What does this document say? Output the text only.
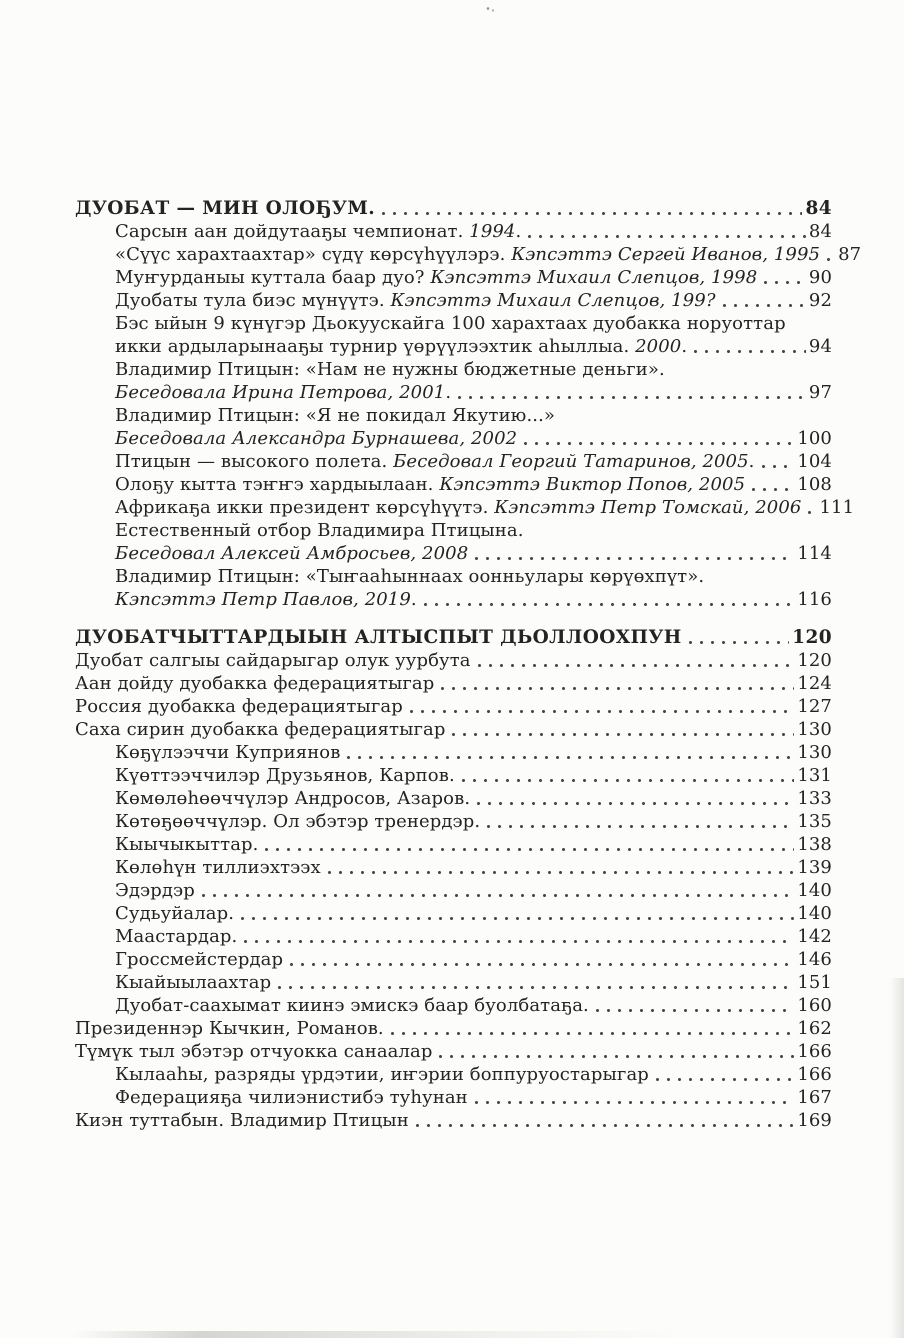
ДУОБАТ — МИН ОЛОҔУМ.	84
Сарсын аан дойдутааҕы чемпионат. 1994.	84
«Сүүс харахтаахтар» сүдү көрсүһүүлэрэ. Кэпсэттэ Сергей Иванов, 1995 87
Муҥурданыы куттала баар дуо? Кэпсэттэ Михаил Слепцов, 1998	90
Дуобаты тула биэс мүнүүтэ. Кэпсэттэ Михаил Слепцов, 199?	92
Бэс ыйын 9 күнүгэр Дьокуускайга 100 харахтаах дуобакка норуоттар
икки ардыларынааҕы турнир үөрүүлээхтик аһыллыа. 2000.	94
Владимир Птицын: «Нам не нужны бюджетные деньги».
Беседовала Ирина Петрова, 2001.	97
Владимир Птицын: «Я не покидал Якутию...»
Беседовала Александра Бурнашева, 2002	100
Птицын — высокого полета. Беседовал Георгий Татаринов, 2005. 104
Олоҕу кытта тэҥҥэ хардыылаан. Кэпсэттэ Виктор Попов, 2005	108
Африкаҕа икки президент көрсүһүүтэ. Кэпсэттэ Петр Томскай, 2006 111
Естественный отбор Владимира Птицына.
Беседовал Алексей Амбросьев, 2008	114
Владимир Птицын: «Тыҥааһыннаах оонньулары көрүөхпүт».
Кэпсэттэ Петр Павлов, 2019.	116
ДУОБАТЧЫТТАРДЫЫН АЛТЫСПЫТ ДЬОЛЛООХПУН	120
Дуобат салгыы сайдарыгар олук уурбута	120
Аан дойду дуобакка федерациятыгар	124
Россия дуобакка федерациятыгар	127
Саха сирин дуобакка федерациятыгар	130
Көҕүлээччи Куприянов	130
Күөттээччилэр Друзьянов, Карпов.	131
Көмөлөһөөччүлэр Андросов, Азаров.	133
Көтөҕөөччүлэр. Ол эбэтэр тренердэр.	135
Кыычыкыттар.	138
Көлөһүн тиллиэхтээх	139
Эдэрдэр	140
Судьуйалар.	140
Маастардар.	142
Гроссмейстердар	146
Кыайыылаахтар	151
Дуобат-саахымат киинэ эмискэ баар буолбатаҕа.	160
Президеннэр Кычкин, Романов.	162
Түмүк тыл эбэтэр отчуокка санаалар	166
Кылааһы, разряды үрдэтии, иҥэрии боппуруостарыгар	166
Федерацияҕа чилиэнистибэ туһунан	167
Киэн туттабын. Владимир Птицын	169
